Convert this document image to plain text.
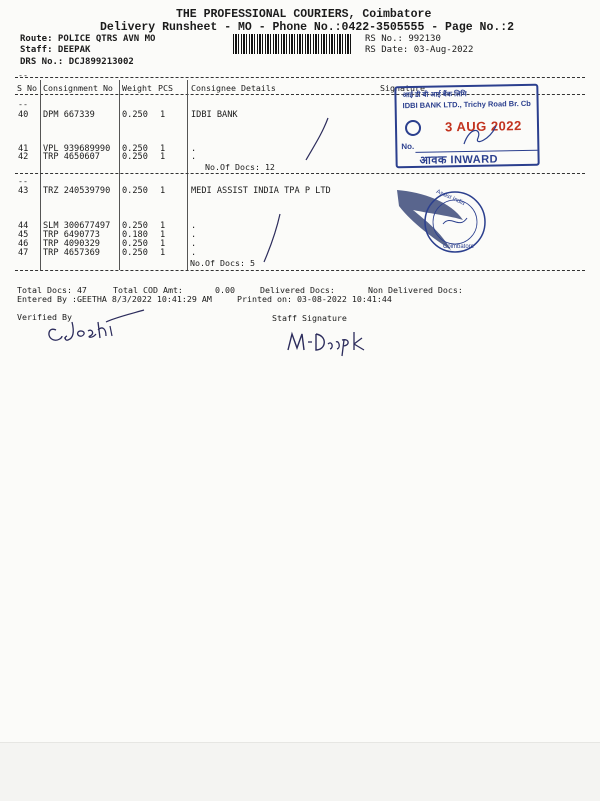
THE PROFESSIONAL COURIERS, Coimbatore
Delivery Runsheet - MO - Phone No.:0422-3505555 - Page No.:2
Route: POLICE QTRS AVN MO
Staff: DEEPAK
DRS No.: DCJ899213002
RS No.: 992130
RS Date: 03-Aug-2022
--
S No Consignment No Weight PCS Consignee Details	Signature
--
40 DPM 667339	0.250 1	IDBI BANK
41 VPL 939689990 0.250 1	.
42 TRP 4650607	0.250 1	.
No.Of Docs: 12
--
43 TRZ 240539790 0.250 1	MEDI ASSIST INDIA TPA P LTD
44 SLM 300677497 0.250 1	.
45 TRP 6490773	0.180 1	.
46 TRP 4090329	0.250 1	.
47 TRP 4657369	0.250 1	.
No.Of Docs: 5
Total Docs: 47	Total COD Amt:	0.00	Delivered Docs:	Non Delivered Docs:
Entered By :GEETHA 8/3/2022 10:41:29 AM	Printed on: 03-08-2022 10:41:44
Verified By	Staff Signature
आई डी बी आई बैंक लिमि
IDBI BANK LTD., Trichy Road Br. Cb
3 AUG 2022
No.
आवक INWARD
Assist India
Coimbatore
